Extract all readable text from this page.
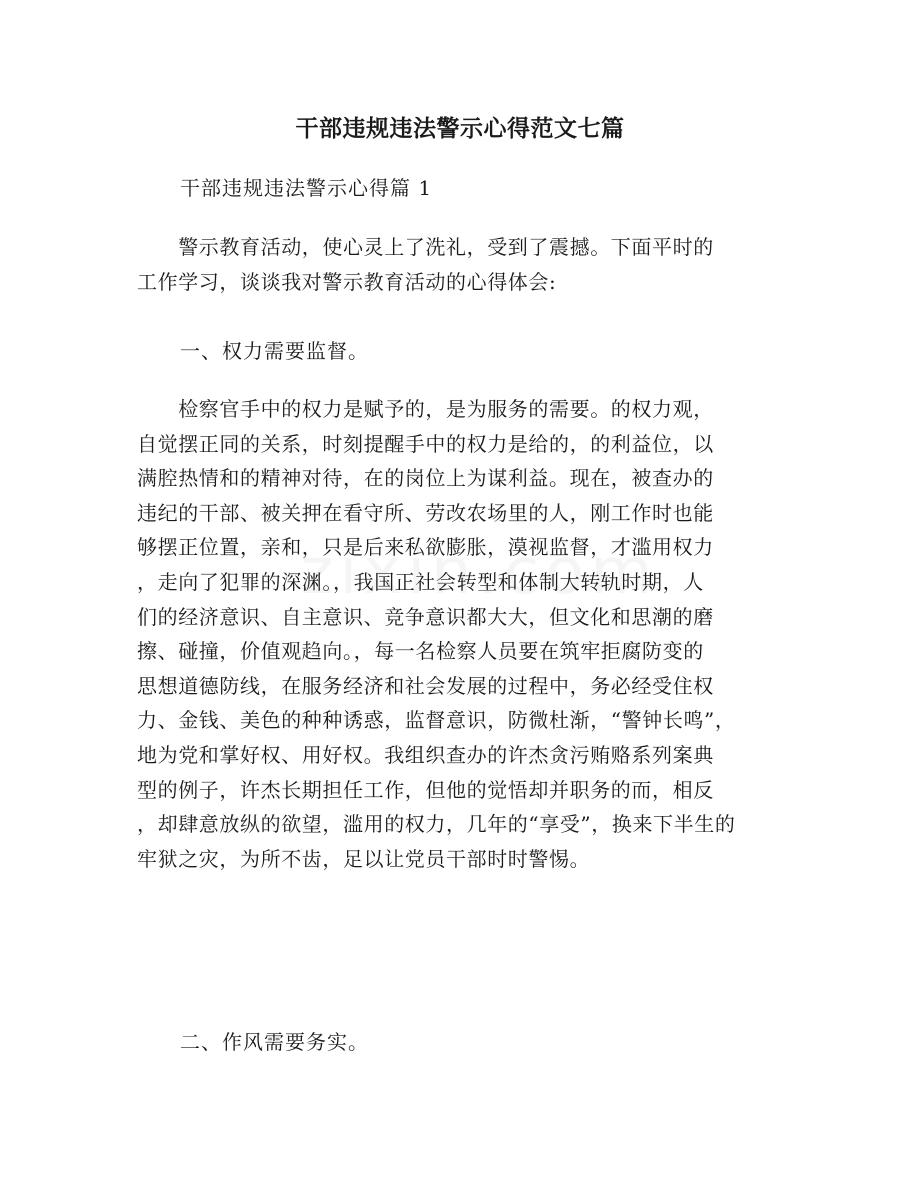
干部违规违法警示心得范文七篇
干部违规违法警示心得篇 1

　　警示教育活动，使心灵上了洗礼，受到了震撼。下面平时的
工作学习，谈谈我对警示教育活动的心得体会:

一、权力需要监督。

　　检察官手中的权力是赋予的，是为服务的需要。的权力观，
自觉摆正同的关系，时刻提醒手中的权力是给的，的利益位，以
满腔热情和的精神对待，在的岗位上为谋利益。现在，被查办的
违纪的干部、被关押在看守所、劳改农场里的人，刚工作时也能
够摆正位置，亲和，只是后来私欲膨胀，漠视监督，才滥用权力
，走向了犯罪的深渊。，我国正社会转型和体制大转轨时期，人
们的经济意识、自主意识、竞争意识都大大，但文化和思潮的磨
擦、碰撞，价值观趋向。，每一名检察人员要在筑牢拒腐防变的
思想道德防线，在服务经济和社会发展的过程中，务必经受住权
力、金钱、美色的种种诱惑，监督意识，防微杜渐，“警钟长鸣”，
地为党和掌好权、用好权。我组织查办的许杰贪污贿赂系列案典
型的例子，许杰长期担任工作，但他的觉悟却并职务的而，相反
，却肆意放纵的欲望，滥用的权力，几年的“享受”，换来下半生的
牢狱之灾，为所不齿，足以让党员干部时时警惕。

二、作风需要务实。
